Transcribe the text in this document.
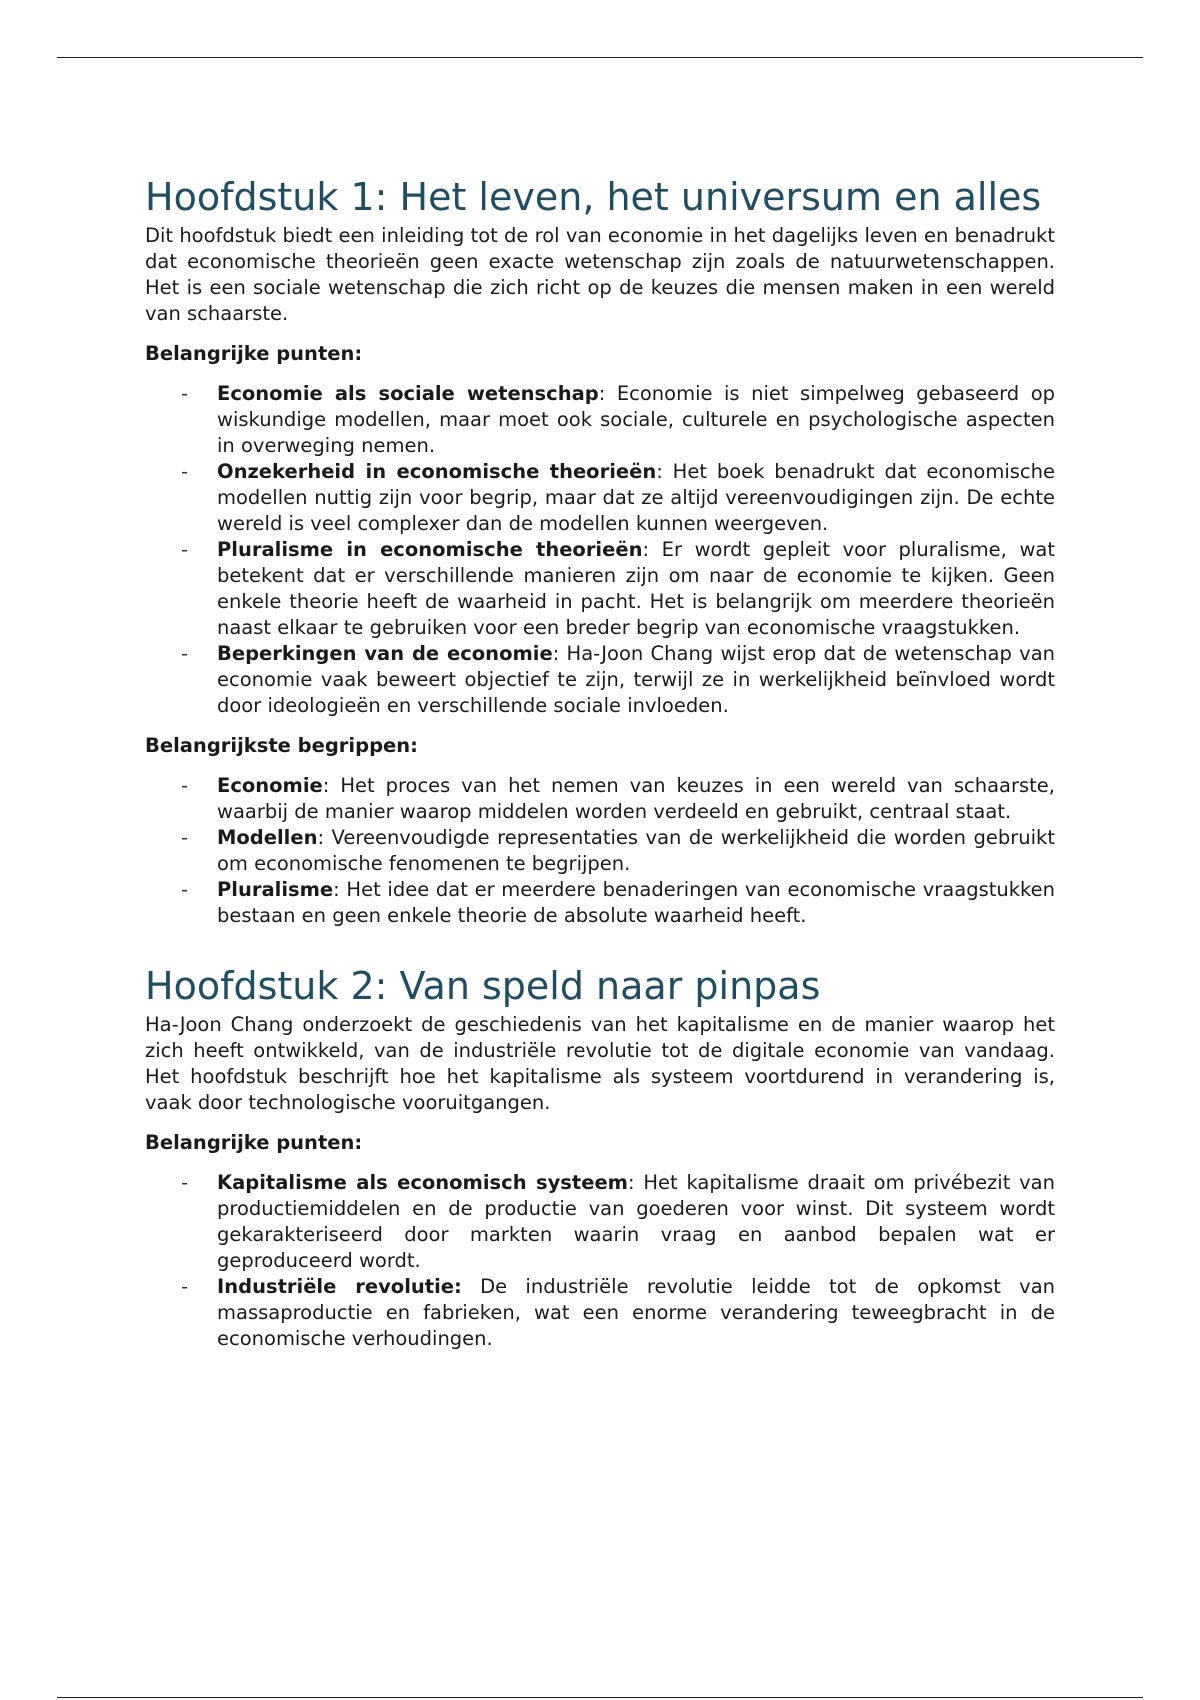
Hoofdstuk 1: Het leven, het universum en alles

Dit hoofdstuk biedt een inleiding tot de rol van economie in het dagelijks leven en benadrukt dat economische theorieën geen exacte wetenschap zijn zoals de natuurwetenschappen. Het is een sociale wetenschap die zich richt op de keuzes die mensen maken in een wereld van schaarste.

Belangrijke punten:
-	Economie als sociale wetenschap: Economie is niet simpelweg gebaseerd op wiskundige modellen, maar moet ook sociale, culturele en psychologische aspecten in overweging nemen.
-	Onzekerheid in economische theorieën: Het boek benadrukt dat economische modellen nuttig zijn voor begrip, maar dat ze altijd vereenvoudigingen zijn. De echte wereld is veel complexer dan de modellen kunnen weergeven.
-	Pluralisme in economische theorieën: Er wordt gepleit voor pluralisme, wat betekent dat er verschillende manieren zijn om naar de economie te kijken. Geen enkele theorie heeft de waarheid in pacht. Het is belangrijk om meerdere theorieën naast elkaar te gebruiken voor een breder begrip van economische vraagstukken.
-	Beperkingen van de economie: Ha-Joon Chang wijst erop dat de wetenschap van economie vaak beweert objectief te zijn, terwijl ze in werkelijkheid beïnvloed wordt door ideologieën en verschillende sociale invloeden.
Belangrijkste begrippen:
-	Economie: Het proces van het nemen van keuzes in een wereld van schaarste, waarbij de manier waarop middelen worden verdeeld en gebruikt, centraal staat.
-	Modellen: Vereenvoudigde representaties van de werkelijkheid die worden gebruikt om economische fenomenen te begrijpen.
-	Pluralisme: Het idee dat er meerdere benaderingen van economische vraagstukken bestaan en geen enkele theorie de absolute waarheid heeft.
Hoofdstuk 2: Van speld naar pinpas

Ha-Joon Chang onderzoekt de geschiedenis van het kapitalisme en de manier waarop het zich heeft ontwikkeld, van de industriële revolutie tot de digitale economie van vandaag. Het hoofdstuk beschrijft hoe het kapitalisme als systeem voortdurend in verandering is, vaak door technologische vooruitgangen.

Belangrijke punten:
-	Kapitalisme als economisch systeem: Het kapitalisme draait om privébezit van productiemiddelen en de productie van goederen voor winst. Dit systeem wordt gekarakteriseerd door markten waarin vraag en aanbod bepalen wat er geproduceerd wordt.
-	Industriële revolutie: De industriële revolutie leidde tot de opkomst van massaproductie en fabrieken, wat een enorme verandering teweegbracht in de economische verhoudingen.
